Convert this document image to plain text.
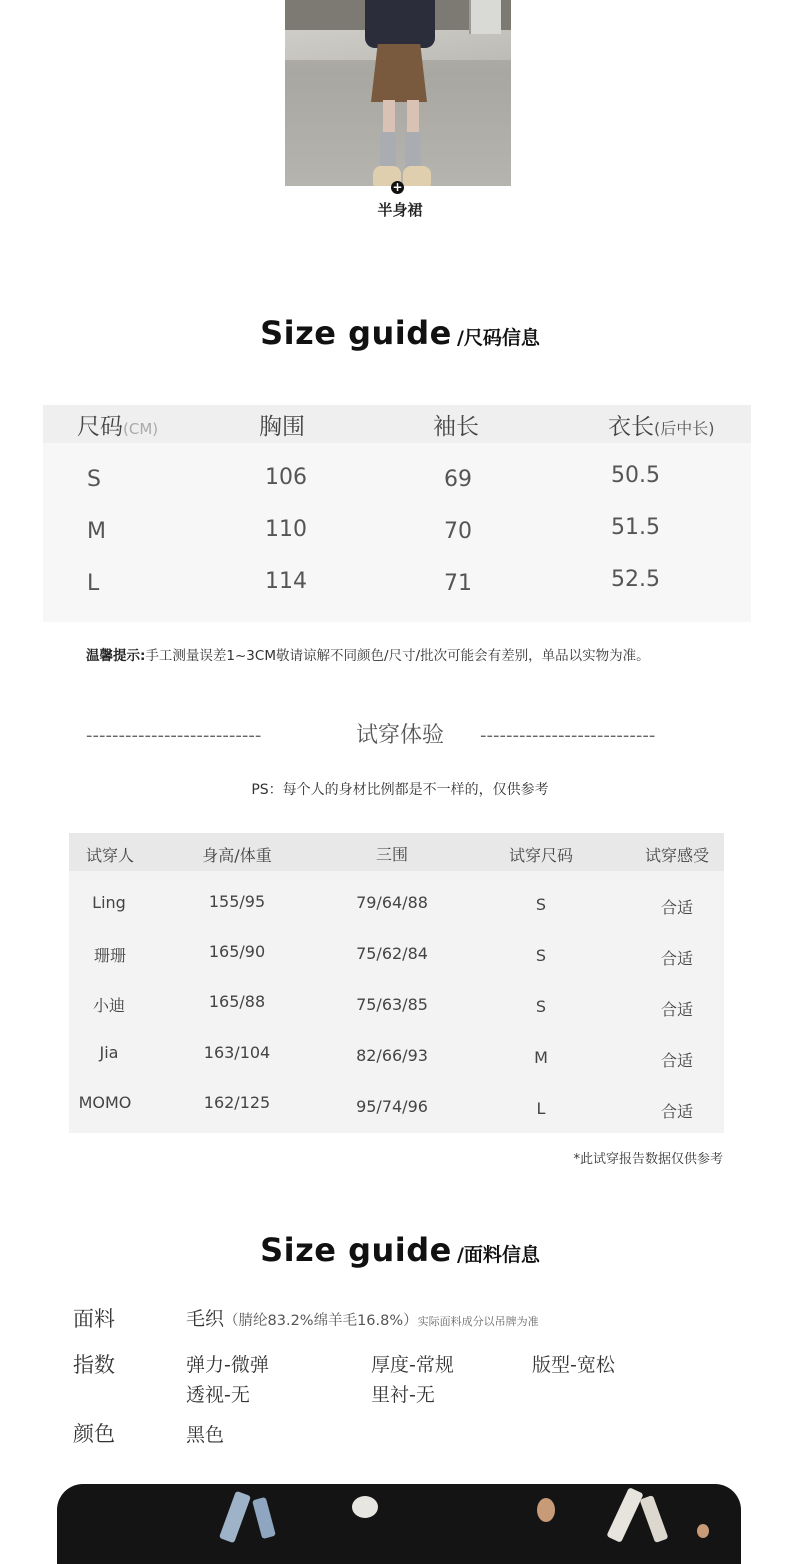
+
半身裙
Size guide /尺码信息
尺码(CM)	胸围	袖长	衣长(后中长)
S	106	69	50.5
M	110	70	51.5
L	114	71	52.5
温馨提示:手工测量误差1~3CM敬请谅解不同颜色/尺寸/批次可能会有差别，单品以实物为准。
---------------------------	试穿体验	---------------------------
PS：每个人的身材比例都是不一样的，仅供参考
试穿人	身高/体重	三围	试穿尺码	试穿感受
Ling	155/95	79/64/88	S	合适
珊珊	165/90	75/62/84	S	合适
小迪	165/88	75/63/85	S	合适
Jia	163/104	82/66/93	M	合适
MOMO	162/125	95/74/96	L	合适
*此试穿报告数据仅供参考
Size guide /面料信息
面料	毛织（腈纶83.2%绵羊毛16.8%）实际面料成分以吊牌为准
指数	弹力-微弹	厚度-常规	版型-宽松
透视-无	里衬-无
颜色	黑色
